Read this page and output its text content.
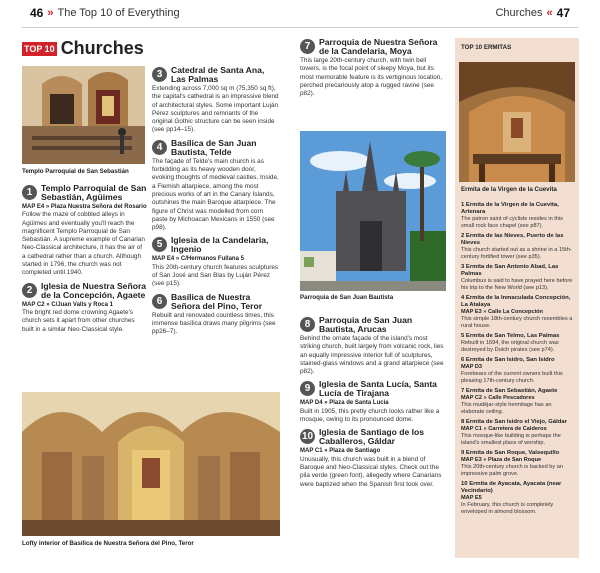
46 » The Top 10 of Everything	Churches « 47
TOP 10 Churches
Templo Parroquial de San Sebastián
1	Templo Parroquial de San Sebastián, Agüimes
MAP E4 » Plaza Nuestra Señora del Rosario
Follow the maze of cobbled alleys in Agüimes and eventually you'll reach the magnificent Templo Parroquial de San Sebastián. A supreme example of Canarian Neo-Classical architecture, it has the air of a cathedral rather than a church. Although started in 1796, the church was not completed until 1940.
2	Iglesia de Nuestra Señora de la Concepción, Agaete
MAP C2 » C/Juan Valls y Roca 1
The bright red dome crowning Agaete's church sets it apart from other churches built in a similar Neo-Classical style.
3	Catedral de Santa Ana, Las Palmas
Extending across 7,000 sq m (75,350 sq ft), the capital's cathedral is an impressive blend of architectural styles. Some important Luján Pérez sculptures and remnants of the original Gothic structure can be seen inside (see pp14–15).
4	Basílica de San Juan Bautista, Telde
The façade of Telde's main church is as forbidding as its heavy wooden door, evoking thoughts of medieval castles. Inside, a Flemish altarpiece, among the most precious works of art in the Canary Islands, outshines the main Baroque altarpiece. The figure of Christ was modelled from corn paste by Michoacan Mexicans in 1550 (see p98).
5	Iglesia de la Candelaria, Ingenio
MAP E4 » C/Hermanos Fullana 5
This 20th-century church features sculptures of San José and San Blas by Luján Pérez (see p15).
6	Basílica de Nuestra Señora del Pino, Teror
Rebuilt and renovated countless times, this immense basílica draws many pilgrims (see pp26–7).
Lofty interior of Basílica de Nuestra Señora del Pino, Teror
7	Parroquia de Nuestra Señora de la Candelaria, Moya
This large 20th-century church, with twin bell towers, is the focal point of sleepy Moya, but its most memorable feature is its vertiginous location, perched precariously atop a rugged ravine (see p82).
Parroquia de San Juan Bautista
8	Parroquia de San Juan Bautista, Arucas
Behind the ornate façade of the island's most striking church, built largely from volcanic rock, lies an equally impressive interior full of sculptures, stained-glass windows and a grand altarpiece (see p82).
9	Iglesia de Santa Lucía, Santa Lucía de Tirajana
MAP D4 » Plaza de Santa Lucía
Built in 1905, this pretty church looks rather like a mosque, owing to its pronounced dome.
10 Iglesia de Santiago de los Caballeros, Gáldar
MAP C1 » Plaza de Santiago
Unusually, this church was built in a blend of Baroque and Neo-Classical styles. Check out the pila verde (green font), allegedly where Canarians were baptized when the Spanish first took over.
TOP 10 ERMITAS
Ermita de la Virgen de la Cuevita
1 Ermita de la Virgen de la Cuevita, Artenara
The patron saint of cyclists resides in this small rock face chapel (see p87).
2 Ermita de las Nieves, Puerto de las Nieves
This church started out as a shrine in a 15th-century fortified tower (see p35).
3 Ermita de San Antonio Abad, Las Palmas
Columbus is said to have prayed here before his trip to the New World (see p13).
4 Ermita de la Inmaculada Concepción, La Atalaya
MAP E3 » Calle La Concepción
This simple 18th-century church resembles a rural house.
5 Ermita de San Telmo, Las Palmas
Rebuilt in 1694, the original church was destroyed by Dutch pirates (see p74).
6 Ermita de San Isidro, San Isidro
MAP D3
Forebears of the current owners built this pleasing 17th-century church.
7 Ermita de San Sebastián, Agaete
MAP C2 » Calle Pescadores
This mudéjar-style hermitage has an elaborate ceiling.
8 Ermita de San Isidro el Viejo, Gáldar
MAP C1 » Carretera de Caideros
This mosque-like building is perhaps the island's smallest place of worship.
9 Ermita de San Roque, Valsequillo
MAP E3 » Plaza de San Roque
This 20th-century church is backed by an impressive palm grove.
10 Ermita de Ayacata, Ayacata (near Vecindario)
MAP E5
In February, this church is completely enveloped in almond blossom.
